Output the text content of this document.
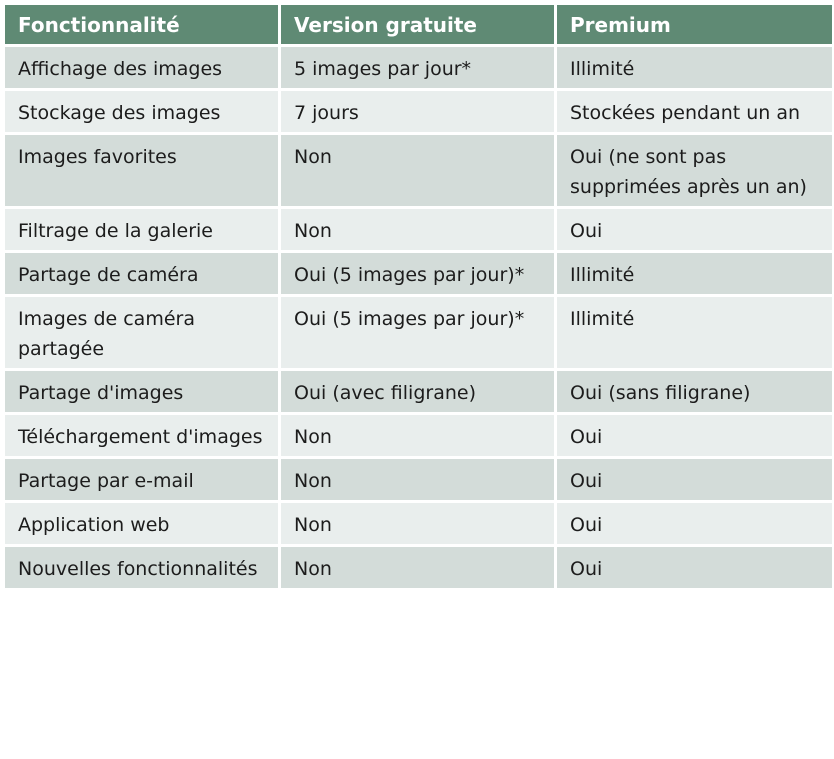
Fonctionnalité	Version gratuite	Premium
Affichage des images	5 images par jour*	Illimité
Stockage des images	7 jours	Stockées pendant un an
Images favorites	Non	Oui (ne sont pas supprimées après un an)
Filtrage de la galerie	Non	Oui
Partage de caméra	Oui (5 images par jour)*	Illimité
Images de caméra partagée	Oui (5 images par jour)*	Illimité
Partage d'images	Oui (avec filigrane)	Oui (sans filigrane)
Téléchargement d'images	Non	Oui
Partage par e-mail	Non	Oui
Application web	Non	Oui
Nouvelles fonctionnalités	Non	Oui
